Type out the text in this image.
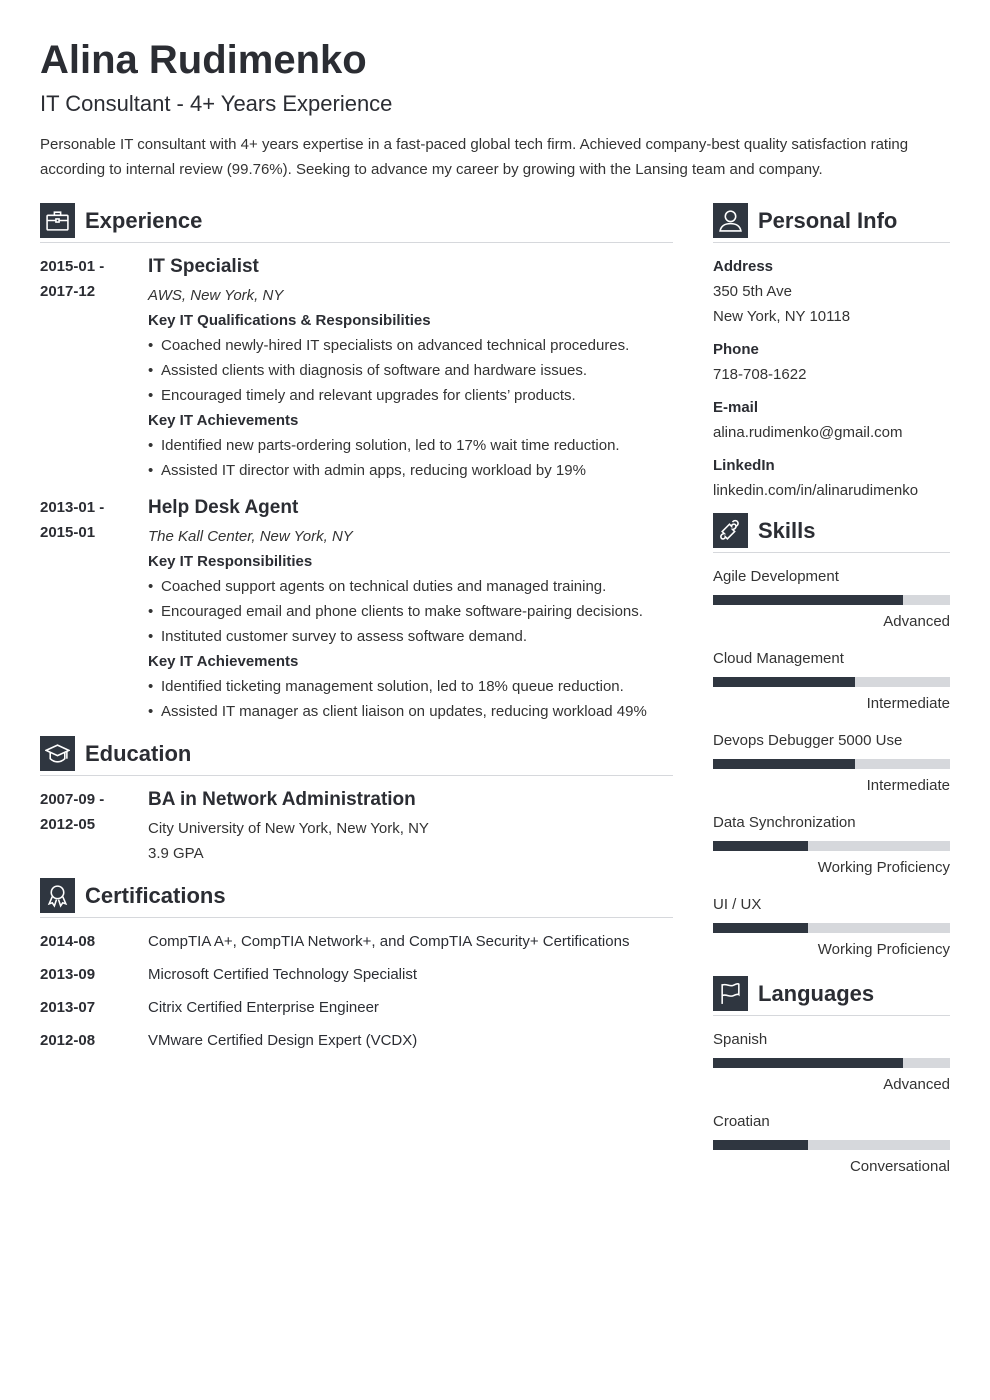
Alina Rudimenko
IT Consultant - 4+ Years Experience
Personable IT consultant with 4+ years expertise in a fast-paced global tech firm. Achieved company-best quality satisfaction rating according to internal review (99.76%). Seeking to advance my career by growing with the Lansing team and company.
Experience
2015-01 -
2017-12
IT Specialist
AWS, New York, NY
Key IT Qualifications & Responsibilities
• Coached newly-hired IT specialists on advanced technical procedures.
• Assisted clients with diagnosis of software and hardware issues.
• Encouraged timely and relevant upgrades for clients’ products.
Key IT Achievements
• Identified new parts-ordering solution, led to 17% wait time reduction.
• Assisted IT director with admin apps, reducing workload by 19%
2013-01 -
2015-01
Help Desk Agent
The Kall Center, New York, NY
Key IT Responsibilities
• Coached support agents on technical duties and managed training.
• Encouraged email and phone clients to make software-pairing decisions.
• Instituted customer survey to assess software demand.
Key IT Achievements
• Identified ticketing management solution, led to 18% queue reduction.
• Assisted IT manager as client liaison on updates, reducing workload 49%
Education
2007-09 -
2012-05
BA in Network Administration
City University of New York, New York, NY
3.9 GPA
Certifications
2014-08	CompTIA A+, CompTIA Network+, and CompTIA Security+ Certifications
2013-09	Microsoft Certified Technology Specialist
2013-07	Citrix Certified Enterprise Engineer
2012-08	VMware Certified Design Expert (VCDX)
Personal Info
Address
350 5th Ave
New York, NY 10118
Phone
718-708-1622
E-mail
alina.rudimenko@gmail.com
LinkedIn
linkedin.com/in/alinarudimenko
Skills
Agile Development
Advanced
Cloud Management
Intermediate
Devops Debugger 5000 Use
Intermediate
Data Synchronization
Working Proficiency
UI / UX
Working Proficiency
Languages
Spanish
Advanced
Croatian
Conversational
